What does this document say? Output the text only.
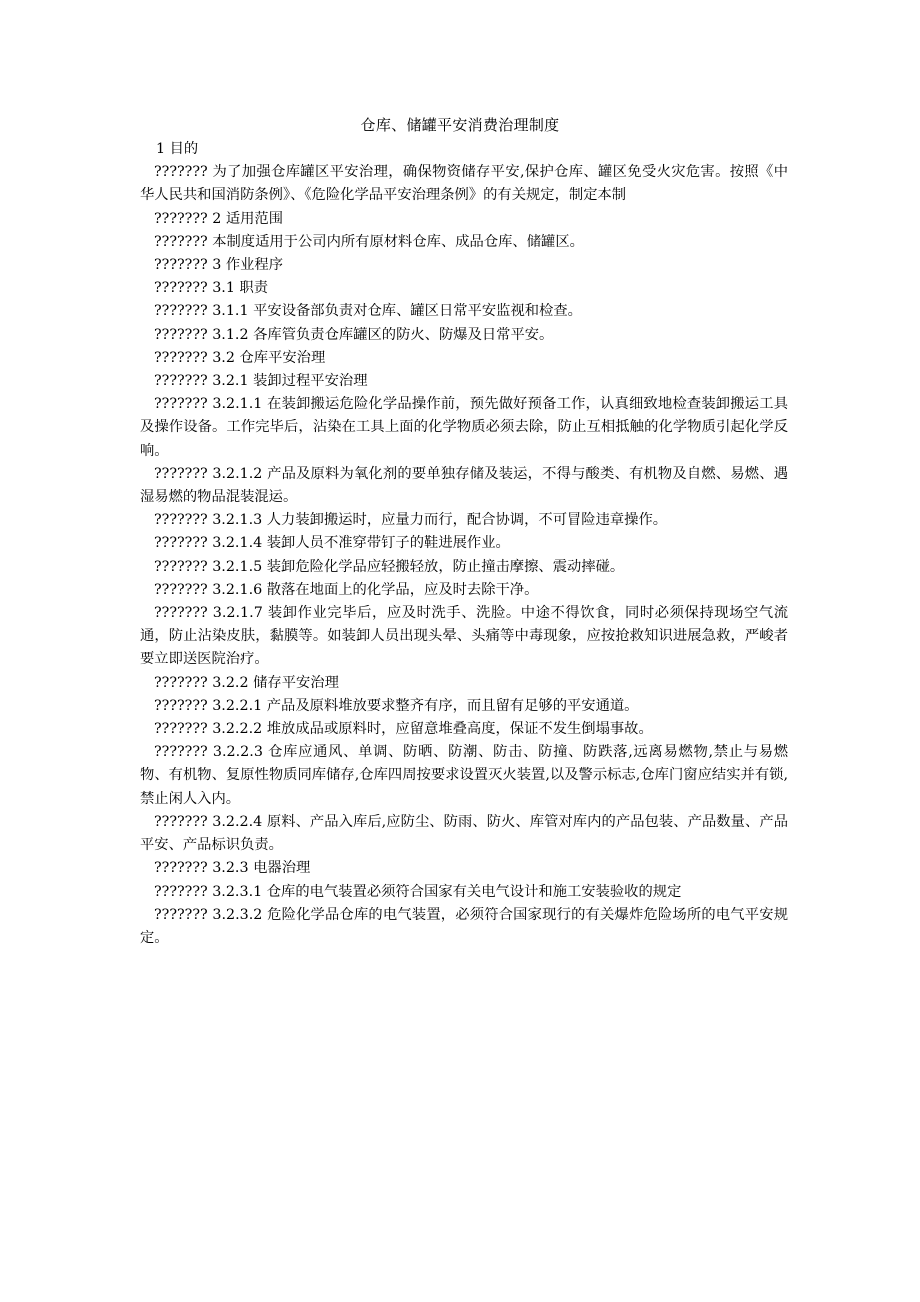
仓库、储罐平安消费治理制度

1 目的

??????? 为了加强仓库罐区平安治理，确保物资储存平安,保护仓库、罐区免受火灾危害。按照《中华人民共和国消防条例》、《危险化学品平安治理条例》的有关规定，制定本制

??????? 2 适用范围

??????? 本制度适用于公司内所有原材料仓库、成品仓库、储罐区。

??????? 3 作业程序

??????? 3.1 职责

??????? 3.1.1 平安设备部负责对仓库、罐区日常平安监视和检查。

??????? 3.1.2 各库管负责仓库罐区的防火、防爆及日常平安。

??????? 3.2 仓库平安治理

??????? 3.2.1 装卸过程平安治理

??????? 3.2.1.1 在装卸搬运危险化学品操作前，预先做好预备工作，认真细致地检查装卸搬运工具及操作设备。工作完毕后，沾染在工具上面的化学物质必须去除，防止互相抵触的化学物质引起化学反响。

??????? 3.2.1.2 产品及原料为氧化剂的要单独存储及装运，不得与酸类、有机物及自燃、易燃、遇湿易燃的物品混装混运。

??????? 3.2.1.3 人力装卸搬运时，应量力而行，配合协调，不可冒险违章操作。

??????? 3.2.1.4 装卸人员不准穿带钉子的鞋进展作业。

??????? 3.2.1.5 装卸危险化学品应轻搬轻放，防止撞击摩擦、震动摔碰。

??????? 3.2.1.6 散落在地面上的化学品，应及时去除干净。

??????? 3.2.1.7 装卸作业完毕后，应及时洗手、洗脸。中途不得饮食，同时必须保持现场空气流通，防止沾染皮肤，黏膜等。如装卸人员出现头晕、头痛等中毒现象，应按抢救知识进展急救，严峻者要立即送医院治疗。

??????? 3.2.2 储存平安治理

??????? 3.2.2.1 产品及原料堆放要求整齐有序，而且留有足够的平安通道。

??????? 3.2.2.2 堆放成品或原料时，应留意堆叠高度，保证不发生倒塌事故。

??????? 3.2.2.3 仓库应通风、单调、防晒、防潮、防击、防撞、防跌落,远离易燃物,禁止与易燃物、有机物、复原性物质同库储存,仓库四周按要求设置灭火装置,以及警示标志,仓库门窗应结实并有锁,禁止闲人入内。

??????? 3.2.2.4 原料、产品入库后,应防尘、防雨、防火、库管对库内的产品包装、产品数量、产品平安、产品标识负责。

??????? 3.2.3 电器治理

??????? 3.2.3.1 仓库的电气装置必须符合国家有关电气设计和施工安装验收的规定

??????? 3.2.3.2 危险化学品仓库的电气装置，必须符合国家现行的有关爆炸危险场所的电气平安规定。
